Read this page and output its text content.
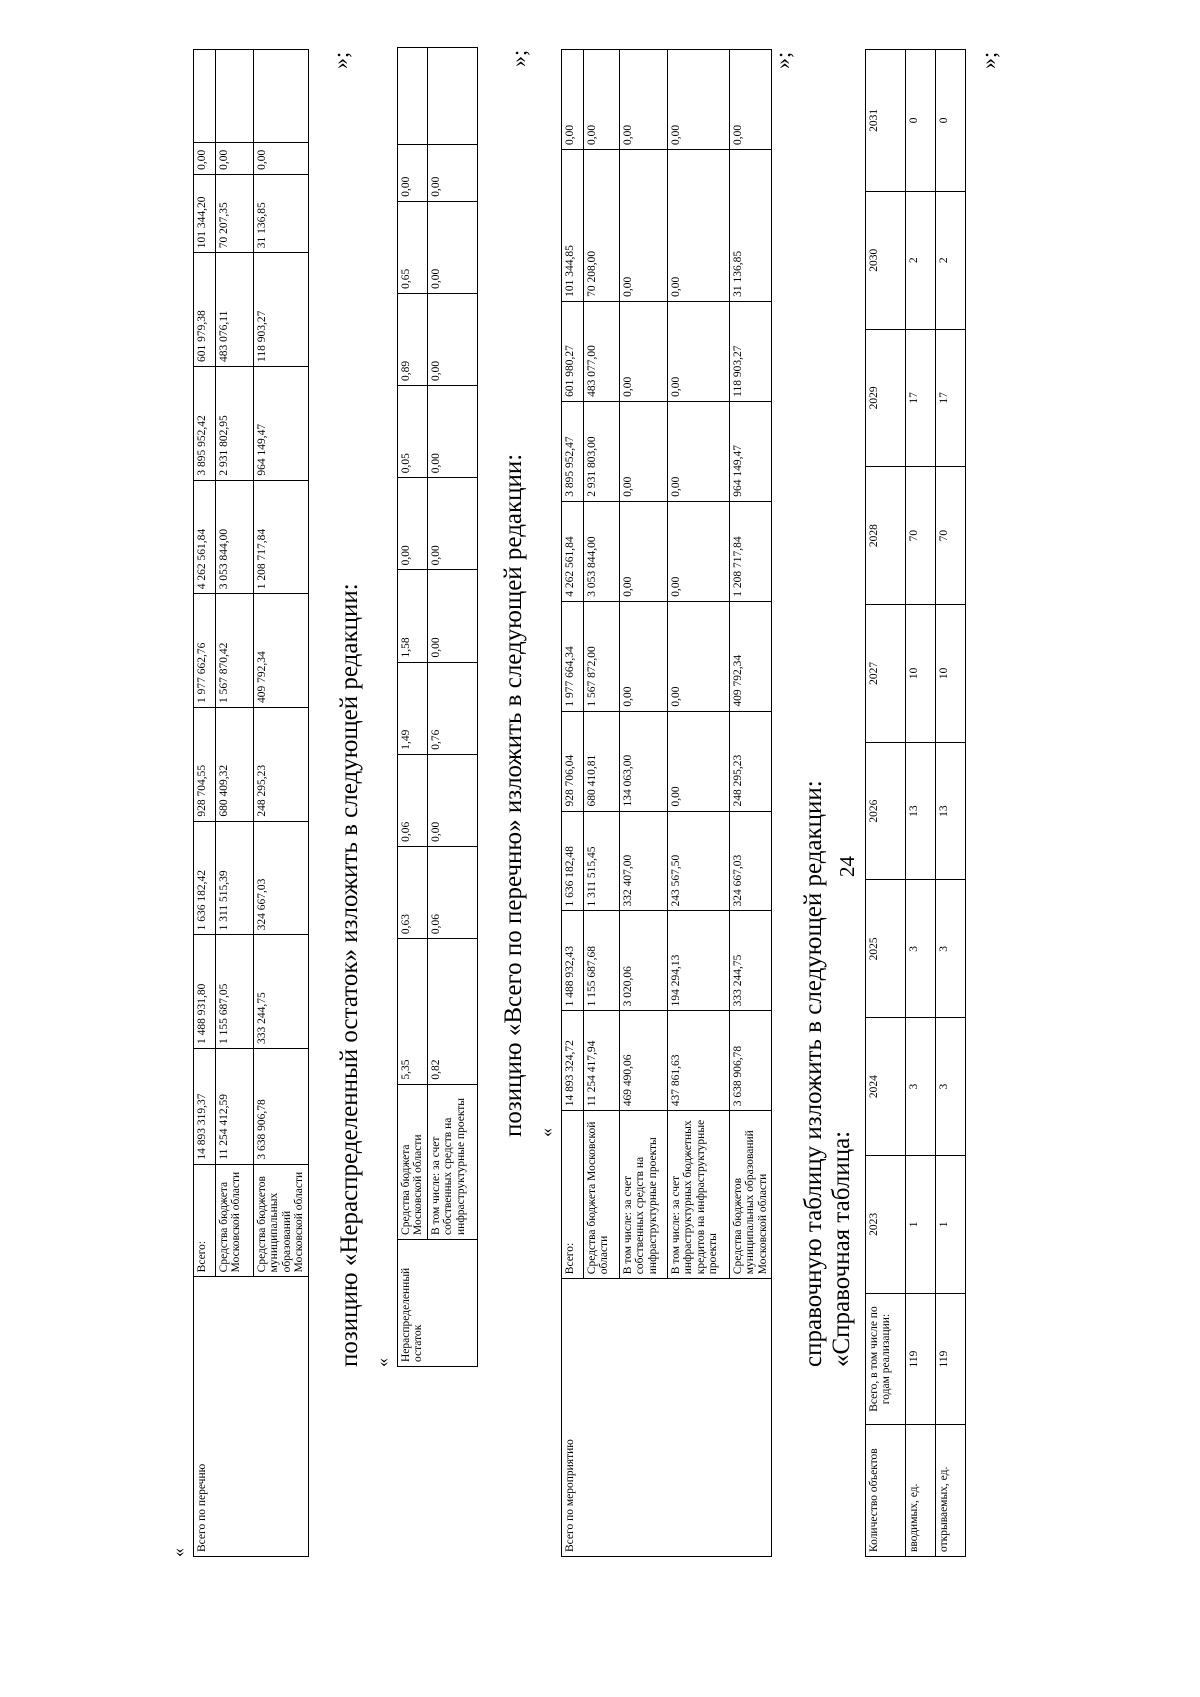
24
«
Всего по перечню	Всего:	14 893 319,37	1 488 931,80	1 636 182,42	928 704,55	1 977 662,76	4 262 561,84	3 895 952,42	601 979,38	101 344,20	0,00	
	Средства бюджета Московской области	11 254 412,59	1 155 687,05	1 311 515,39	680 409,32	1 567 870,42	3 053 844,00	2 931 802,95	483 076,11	70 207,35	0,00	
	Средства бюджетов муниципальных образований Московской области	3 638 906,78	333 244,75	324 667,03	248 295,23	409 792,34	1 208 717,84	964 149,47	118 903,27	31 136,85	0,00	
»;
позицию «Нераспределенный остаток» изложить в следующей редакции: «
Нераспределенный остаток	Средства бюджета Московской области	5,35	0,63	0,06	1,49	1,58	0,00	0,05	0,89	0,65	0,00	
	В том числе: за счет собственных средств на инфраструктурные проекты	0,82	0,06	0,00	0,76	0,00	0,00	0,00	0,00	0,00	0,00	
»;
позицию «Всего по перечню» изложить в следующей редакции: «
Всего по мероприятию	Всего:	14 893 324,72	1 488 932,43	1 636 182,48	928 706,04	1 977 664,34	4 262 561,84	3 895 952,47	601 980,27	101 344,85	0,00
	Средства бюджета Московской области	11 254 417,94	1 155 687,68	1 311 515,45	680 410,81	1 567 872,00	3 053 844,00	2 931 803,00	483 077,00	70 208,00	0,00
	В том числе: за счет собственных средств на инфраструктурные проекты	469 490,06	3 020,06	332 407,00	134 063,00	0,00	0,00	0,00	0,00	0,00	0,00
	В том числе: за счет инфраструктурных бюджетных кредитов на инфраструктурные проекты	437 861,63	194 294,13	243 567,50	0,00	0,00	0,00	0,00	0,00	0,00	0,00
	Средства бюджетов муниципальных образований Московской области	3 638 906,78	333 244,75	324 667,03	248 295,23	409 792,34	1 208 717,84	964 149,47	118 903,27	31 136,85	0,00
»;
справочную таблицу изложить в следующей редакции: «Справочная таблица:
Количество объектов	Всего, в том числе по годам реализации:	2023	2024	2025	2026	2027	2028	2029	2030	2031
вводимых, ед.	119	1	3	3	13	10	70	17	2	0
открываемых, ед.	119	1	3	3	13	10	70	17	2	0
»;
